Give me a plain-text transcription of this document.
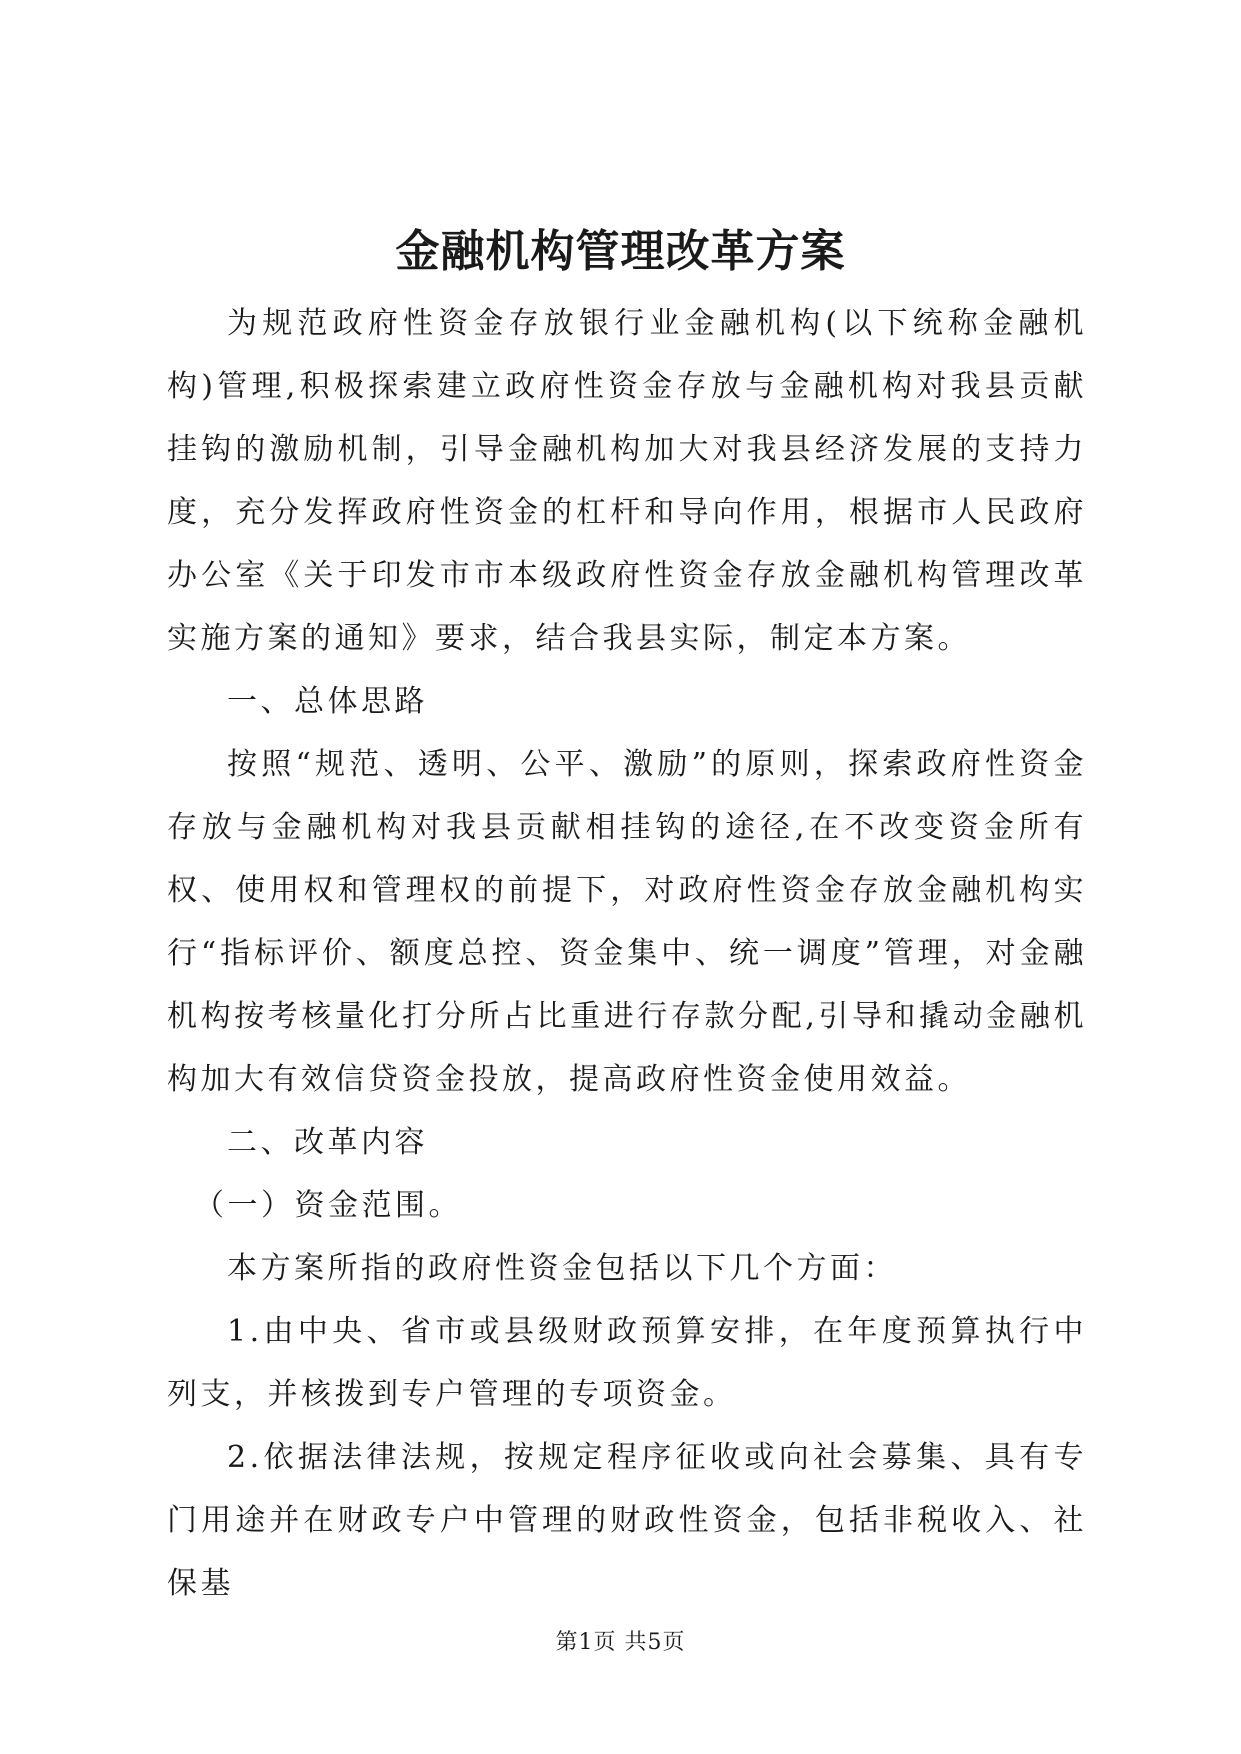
金融机构管理改革方案

为规范政府性资金存放银行业金融机构(以下统称金融机构)管理,积极探索建立政府性资金存放与金融机构对我县贡献挂钩的激励机制，引导金融机构加大对我县经济发展的支持力度，充分发挥政府性资金的杠杆和导向作用，根据市人民政府办公室《关于印发市市本级政府性资金存放金融机构管理改革实施方案的通知》要求，结合我县实际，制定本方案。

一、总体思路

按照“规范、透明、公平、激励”的原则，探索政府性资金存放与金融机构对我县贡献相挂钩的途径,在不改变资金所有权、使用权和管理权的前提下，对政府性资金存放金融机构实行“指标评价、额度总控、资金集中、统一调度”管理，对金融机构按考核量化打分所占比重进行存款分配,引导和撬动金融机构加大有效信贷资金投放，提高政府性资金使用效益。

二、改革内容

（一）资金范围。

本方案所指的政府性资金包括以下几个方面：

1.由中央、省市或县级财政预算安排，在年度预算执行中列支，并核拨到专户管理的专项资金。

2.依据法律法规，按规定程序征收或向社会募集、具有专门用途并在财政专户中管理的财政性资金，包括非税收入、社保基

第1页 共5页
